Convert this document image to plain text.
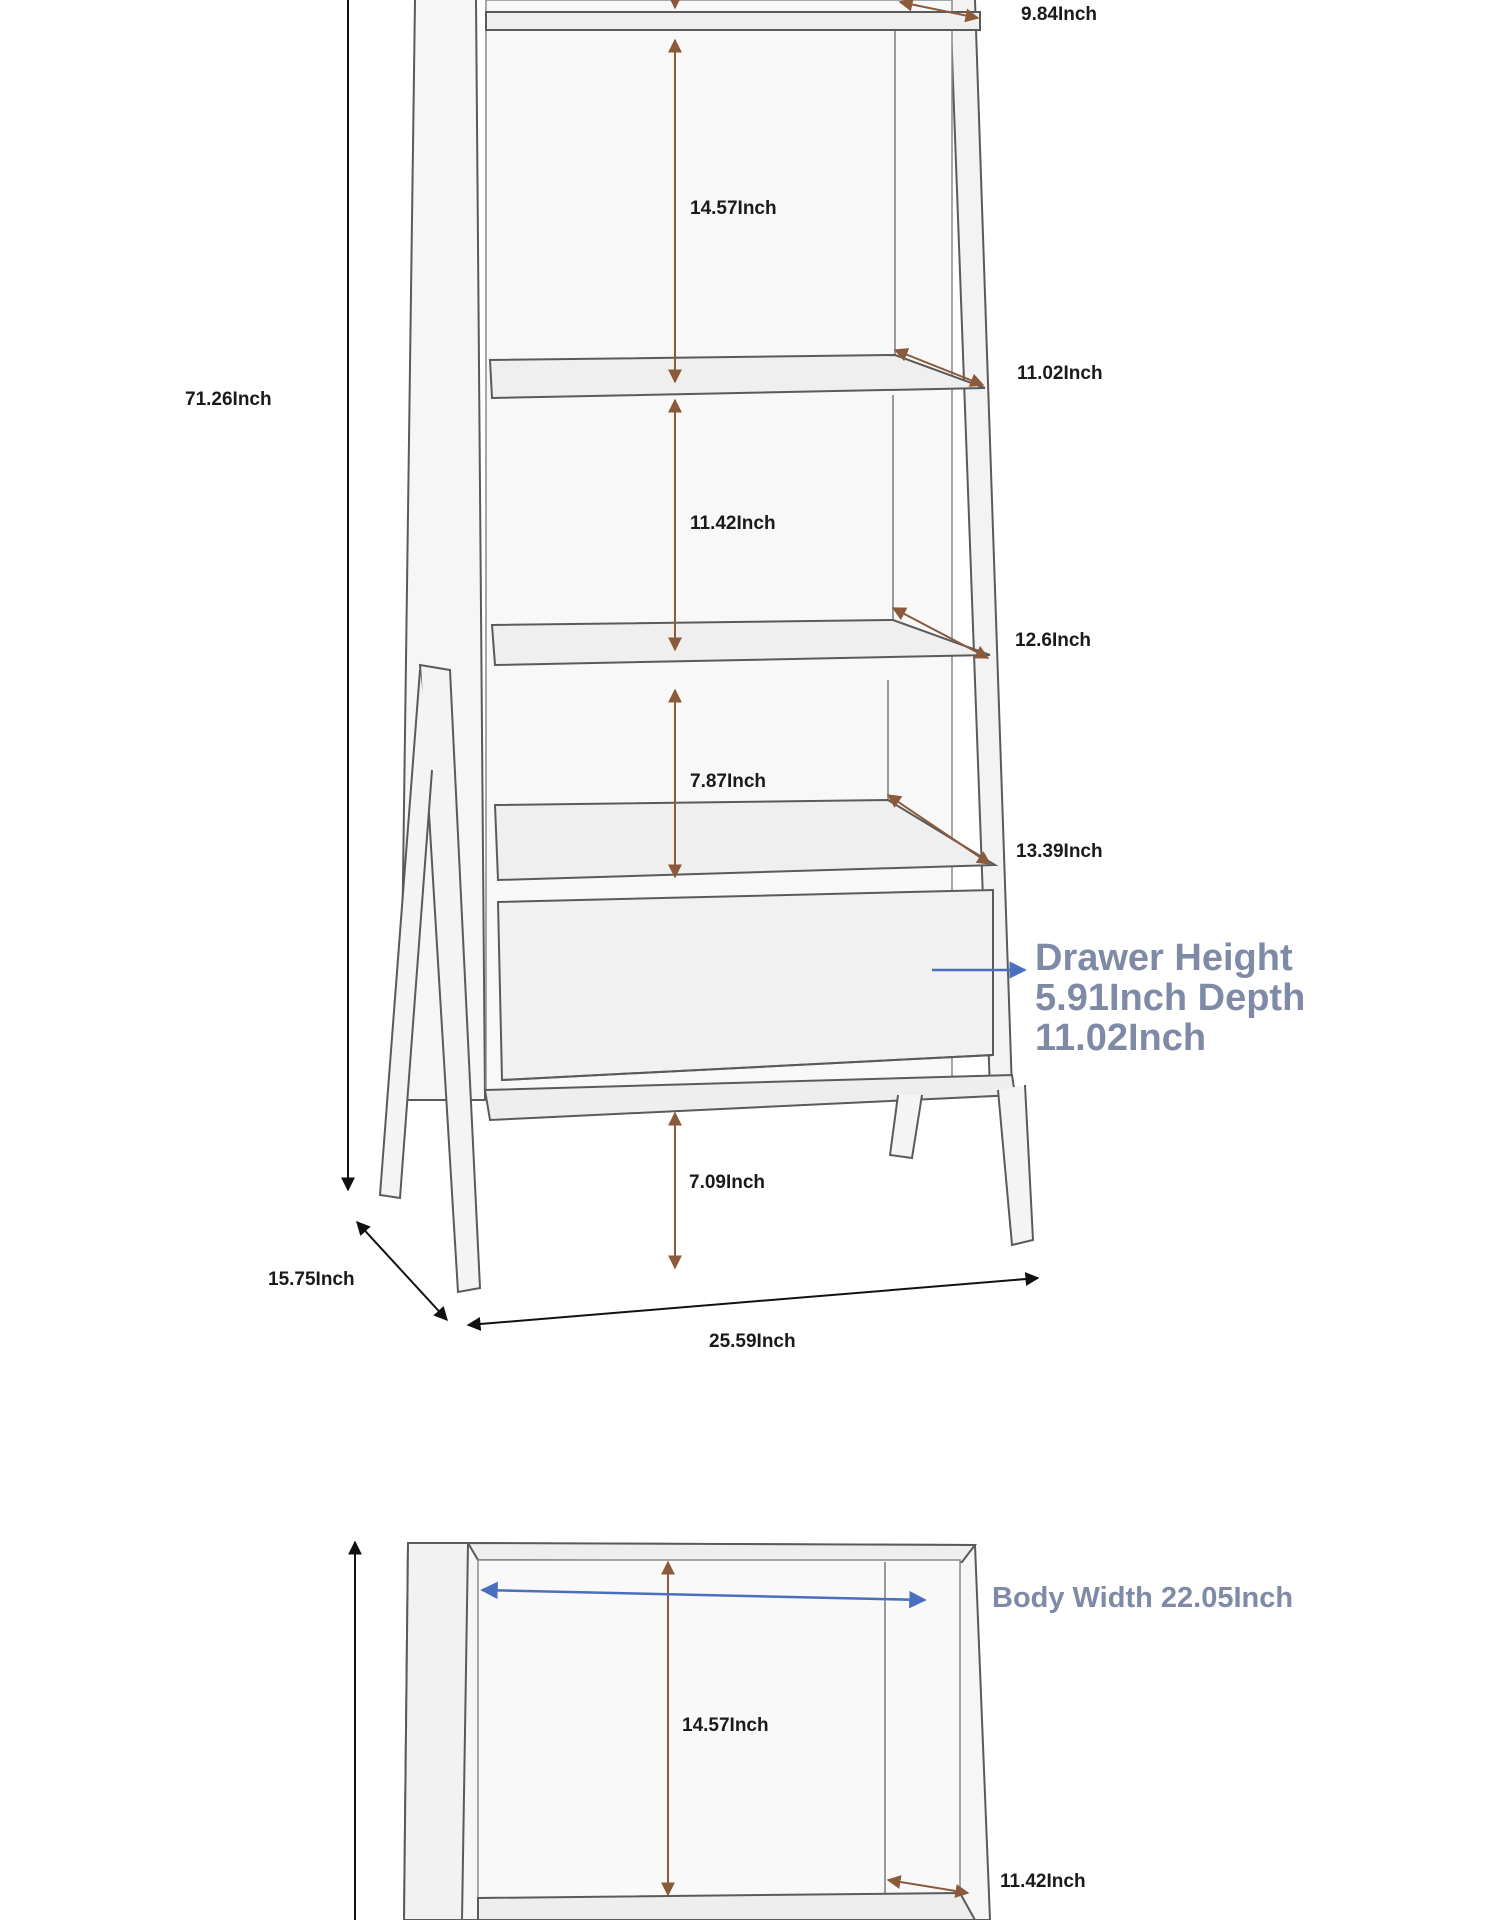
9.84Inch
14.57Inch
11.02Inch
71.26Inch
11.42Inch
12.6Inch
7.87Inch
13.39Inch
7.09Inch
15.75Inch
25.59Inch
14.57Inch
11.42Inch
Drawer Height
5.91Inch Depth
11.02Inch
Body Width 22.05Inch
